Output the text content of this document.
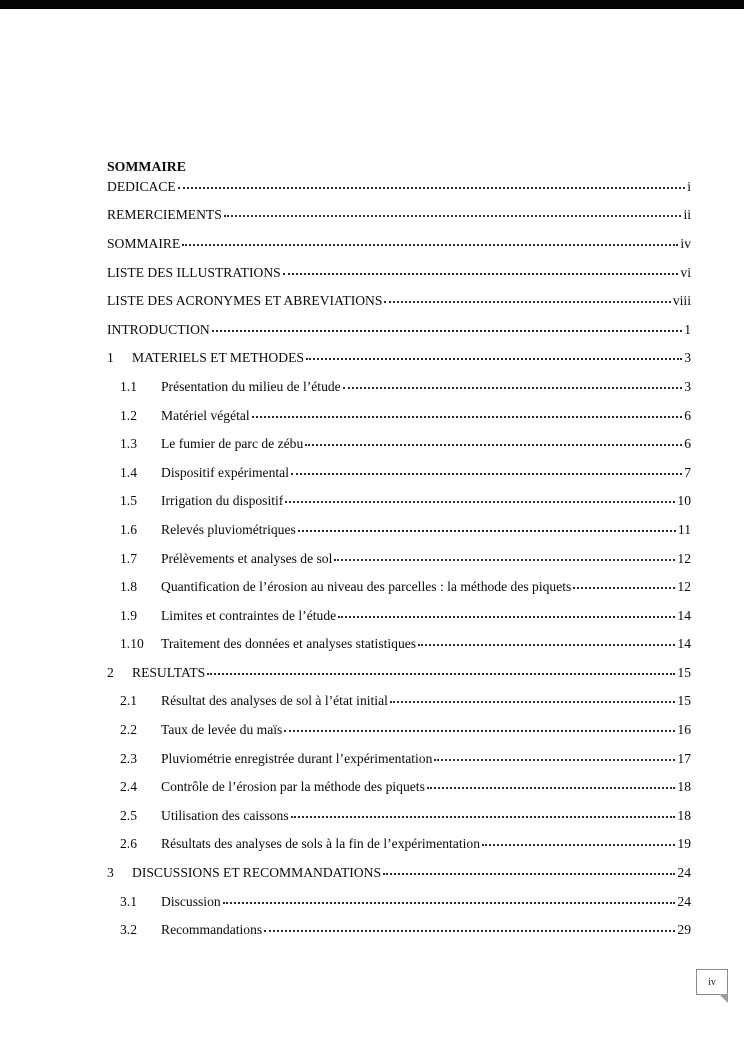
SOMMAIRE
DEDICACE	i
REMERCIEMENTS	ii
SOMMAIRE	iv
LISTE DES ILLUSTRATIONS	vi
LISTE DES ACRONYMES ET ABREVIATIONS	viii
INTRODUCTION	1
1	MATERIELS ET METHODES	3
1.1	Présentation du milieu de l’étude	3
1.2	Matériel végétal	6
1.3	Le fumier de parc de zébu	6
1.4	Dispositif expérimental	7
1.5	Irrigation du dispositif	10
1.6	Relevés pluviométriques	11
1.7	Prélèvements et analyses de sol	12
1.8	Quantification de l’érosion au niveau des parcelles : la méthode des piquets	12
1.9	Limites et contraintes de l’étude	14
1.10	Traitement des données et analyses statistiques	14
2	RESULTATS	15
2.1	Résultat des analyses de sol à l’état initial	15
2.2	Taux de levée du maïs	16
2.3	Pluviométrie enregistrée durant l’expérimentation	17
2.4	Contrôle de l’érosion par la méthode des piquets	18
2.5	Utilisation des caissons	18
2.6	Résultats des analyses de sols à la fin de l’expérimentation	19
3	DISCUSSIONS ET RECOMMANDATIONS	24
3.1	Discussion	24
3.2	Recommandations	29
iv
